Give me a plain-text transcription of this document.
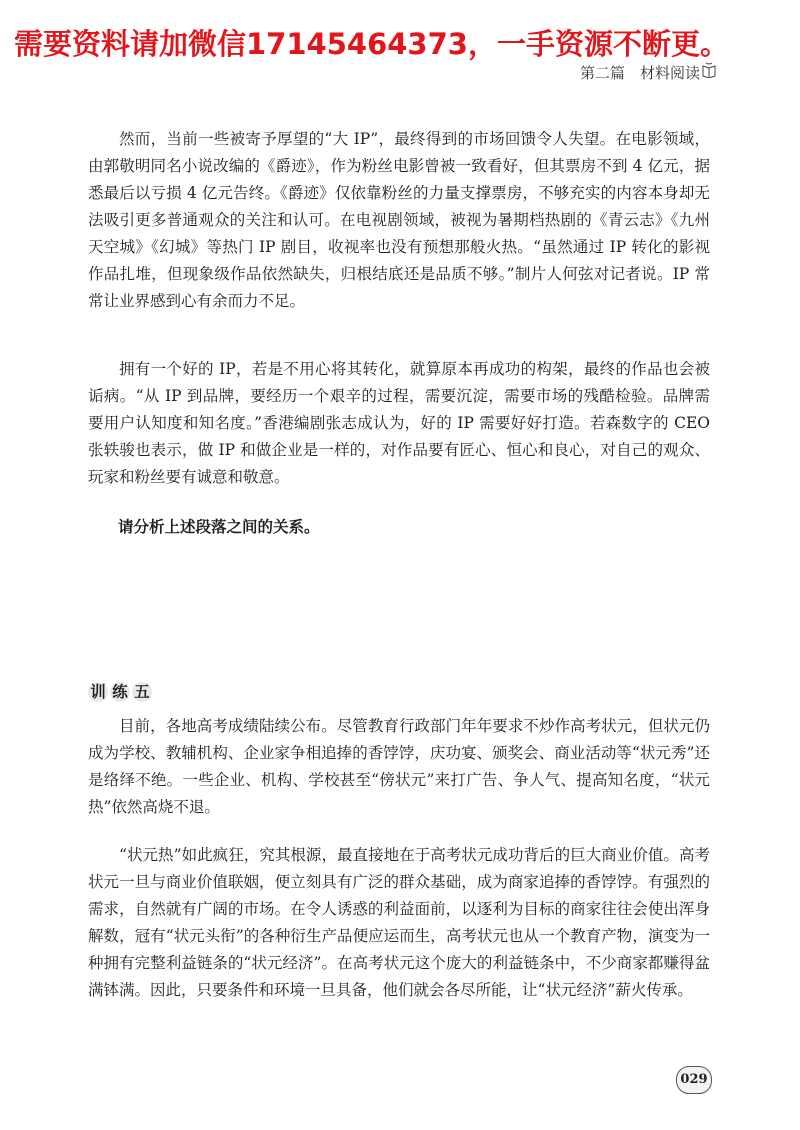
需要资料请加微信17145464373，一手资源不断更。
第二篇　材料阅读

然而，当前一些被寄予厚望的“大 IP”，最终得到的市场回馈令人失望。在电影领域，由郭敬明同名小说改编的《爵迹》，作为粉丝电影曾被一致看好，但其票房不到 4 亿元，据悉最后以亏损 4 亿元告终。《爵迹》仅依靠粉丝的力量支撑票房，不够充实的内容本身却无法吸引更多普通观众的关注和认可。在电视剧领域，被视为暑期档热剧的《青云志》《九州天空城》《幻城》等热门 IP 剧目，收视率也没有预想那般火热。“虽然通过 IP 转化的影视作品扎堆，但现象级作品依然缺失，归根结底还是品质不够。”制片人何弦对记者说。IP 常常让业界感到心有余而力不足。

拥有一个好的 IP，若是不用心将其转化，就算原本再成功的构架，最终的作品也会被诟病。“从 IP 到品牌，要经历一个艰辛的过程，需要沉淀，需要市场的残酷检验。品牌需要用户认知度和知名度。”香港编剧张志成认为，好的 IP 需要好好打造。若森数字的 CEO 张轶骏也表示，做 IP 和做企业是一样的，对作品要有匠心、恒心和良心，对自己的观众、玩家和粉丝要有诚意和敬意。

请分析上述段落之间的关系。
训 练 五

目前，各地高考成绩陆续公布。尽管教育行政部门年年要求不炒作高考状元，但状元仍成为学校、教辅机构、企业家争相追捧的香饽饽，庆功宴、颁奖会、商业活动等“状元秀”还是络绎不绝。一些企业、机构、学校甚至“傍状元”来打广告、争人气、提高知名度，“状元热”依然高烧不退。

“状元热”如此疯狂，究其根源，最直接地在于高考状元成功背后的巨大商业价值。高考状元一旦与商业价值联姻，便立刻具有广泛的群众基础，成为商家追捧的香饽饽。有强烈的需求，自然就有广阔的市场。在令人诱惑的利益面前，以逐利为目标的商家往往会使出浑身解数，冠有“状元头衔”的各种衍生产品便应运而生，高考状元也从一个教育产物，演变为一种拥有完整利益链条的“状元经济”。在高考状元这个庞大的利益链条中，不少商家都赚得盆满钵满。因此，只要条件和环境一旦具备，他们就会各尽所能，让“状元经济”薪火传承。

029
